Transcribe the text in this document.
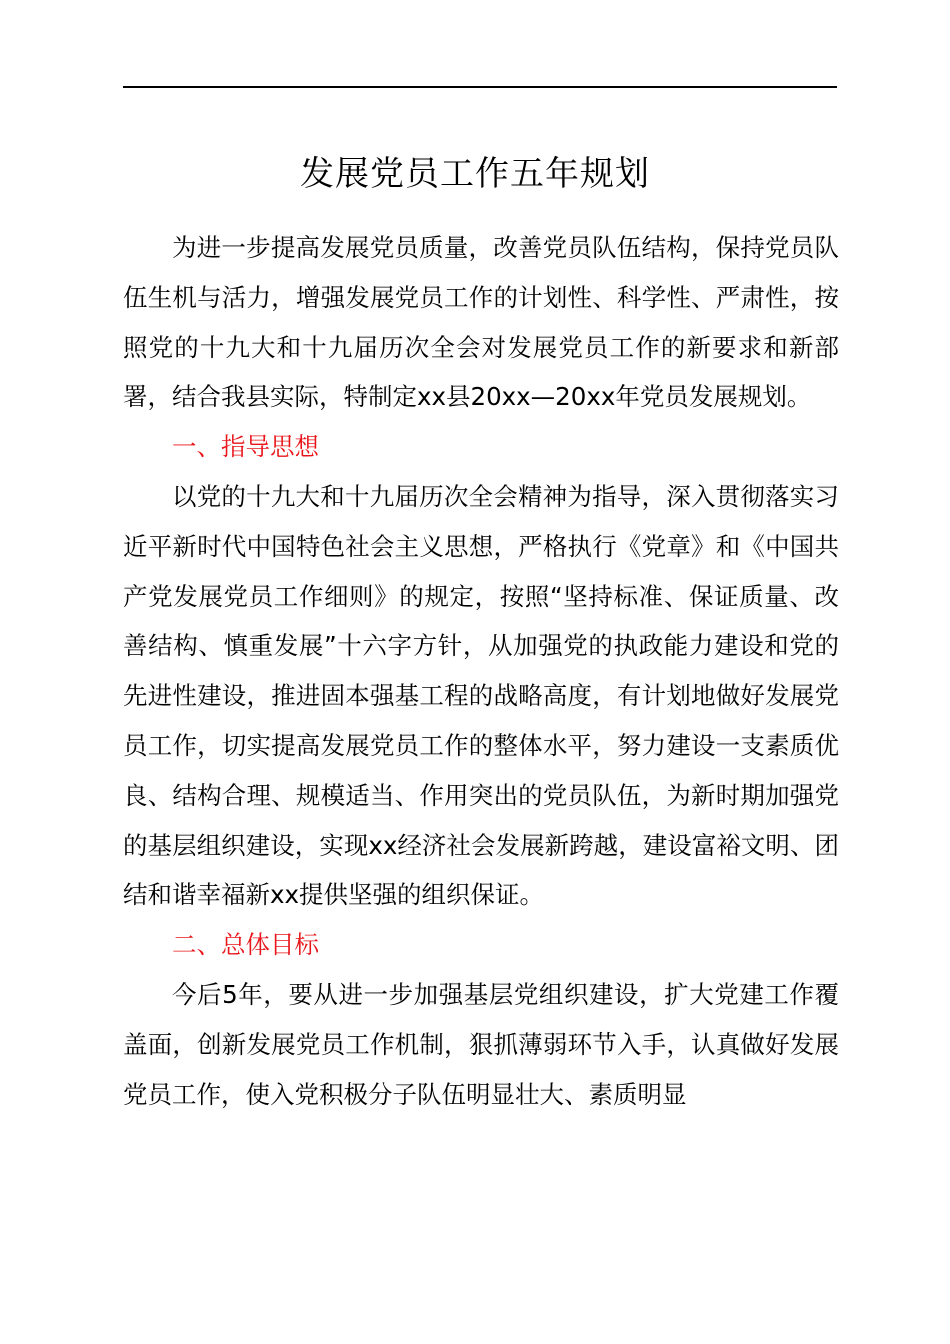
发展党员工作五年规划

为进一步提高发展党员质量，改善党员队伍结构，保持党员队伍生机与活力，增强发展党员工作的计划性、科学性、严肃性，按照党的十九大和十九届历次全会对发展党员工作的新要求和新部署，结合我县实际，特制定xx县20xx—20xx年党员发展规划。

一、指导思想

以党的十九大和十九届历次全会精神为指导，深入贯彻落实习近平新时代中国特色社会主义思想，严格执行《党章》和《中国共产党发展党员工作细则》的规定，按照“坚持标准、保证质量、改善结构、慎重发展”十六字方针，从加强党的执政能力建设和党的先进性建设，推进固本强基工程的战略高度，有计划地做好发展党员工作，切实提高发展党员工作的整体水平，努力建设一支素质优良、结构合理、规模适当、作用突出的党员队伍，为新时期加强党的基层组织建设，实现xx经济社会发展新跨越，建设富裕文明、团结和谐幸福新xx提供坚强的组织保证。

二、总体目标

今后5年，要从进一步加强基层党组织建设，扩大党建工作覆盖面，创新发展党员工作机制，狠抓薄弱环节入手，认真做好发展党员工作，使入党积极分子队伍明显壮大、素质明显
